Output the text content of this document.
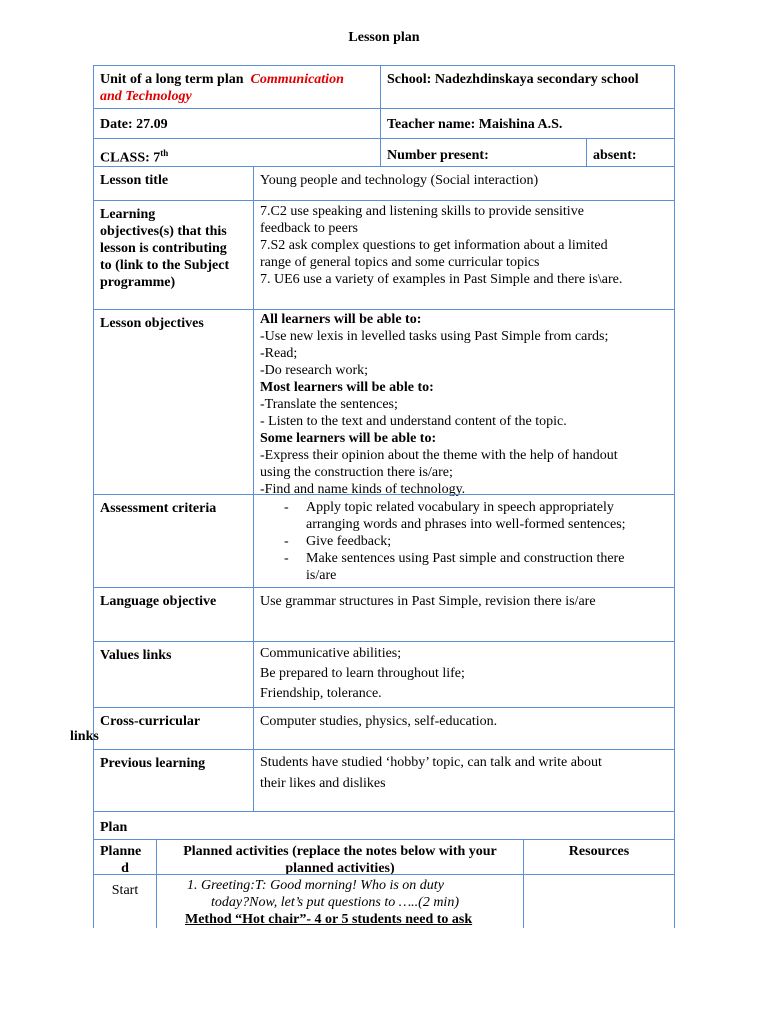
Lesson plan
Unit of a long term plan Communication
and Technology
School: Nadezhdinskaya secondary school
Date: 27.09	Teacher name: Maishina A.S.
CLASS: 7th	Number present:	absent:
Lesson title	Young people and technology (Social interaction)
Learning
objectives(s) that this
lesson is contributing
to (link to the Subject
programme)
7.C2 use speaking and listening skills to provide sensitive
feedback to peers
7.S2 ask complex questions to get information about a limited
range of general topics and some curricular topics
7. UE6 use a variety of examples in Past Simple and there is\are.
Lesson objectives	All learners will be able to:
-Use new lexis in levelled tasks using Past Simple from cards;
-Read;
-Do research work;
Most learners will be able to:
-Translate the sentences;
- Listen to the text and understand content of the topic.
Some learners will be able to:
-Express their opinion about the theme with the help of handout
using the construction there is/are;
-Find and name kinds of technology.
Assessment criteria
-	Apply topic related vocabulary in speech appropriately
arranging words and phrases into well-formed sentences;
- Give feedback;
- Make sentences using Past simple and construction there
is/are
Language objective	Use grammar structures in Past Simple, revision there is/are
Values links	Communicative abilities;
Be prepared to learn throughout life;
Friendship, tolerance.
Cross-curricular	Computer studies, physics, self-education.
Previous learning	Students have studied ‘hobby’ topic, can talk and write about
their likes and dislikes
Plan
Planne
d
Planned activities (replace the notes below with your
planned activities)
Resources
Start	1. Greeting:T: Good morning! Who is on duty
today?Now, let’s put questions to …..(2 min)
Method “Hot chair”- 4 or 5 students need to ask
links
